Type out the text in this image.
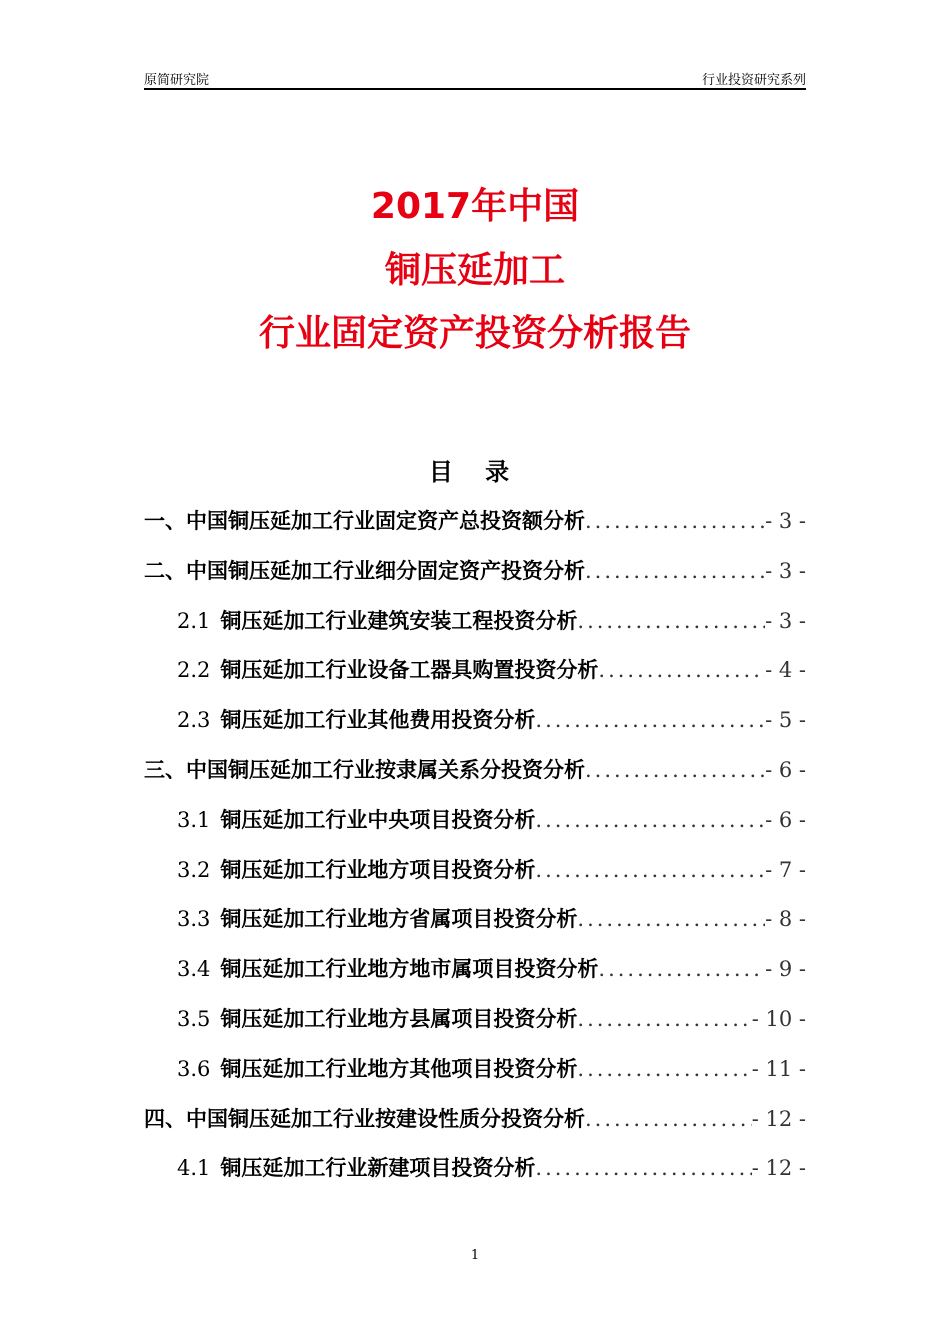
原简研究院	行业投资研究系列
2017年中国
铜压延加工
行业固定资产投资分析报告
目 录
一、中国铜压延加工行业固定资产总投资额分析 .....	- 3 -
二、中国铜压延加工行业细分固定资产投资分析 .....	- 3 -
2.1 铜压延加工行业建筑安装工程投资分析 .....	- 3 -
2.2 铜压延加工行业设备工器具购置投资分析 .....	- 4 -
2.3 铜压延加工行业其他费用投资分析 .....	- 5 -
三、中国铜压延加工行业按隶属关系分投资分析 .....	- 6 -
3.1 铜压延加工行业中央项目投资分析 .....	- 6 -
3.2 铜压延加工行业地方项目投资分析 .....	- 7 -
3.3 铜压延加工行业地方省属项目投资分析 .....	- 8 -
3.4 铜压延加工行业地方地市属项目投资分析 .....	- 9 -
3.5 铜压延加工行业地方县属项目投资分析 .....	- 10 -
3.6 铜压延加工行业地方其他项目投资分析 .....	- 11 -
四、中国铜压延加工行业按建设性质分投资分析 .....	- 12 -
4.1 铜压延加工行业新建项目投资分析 .....	- 12 -
1
